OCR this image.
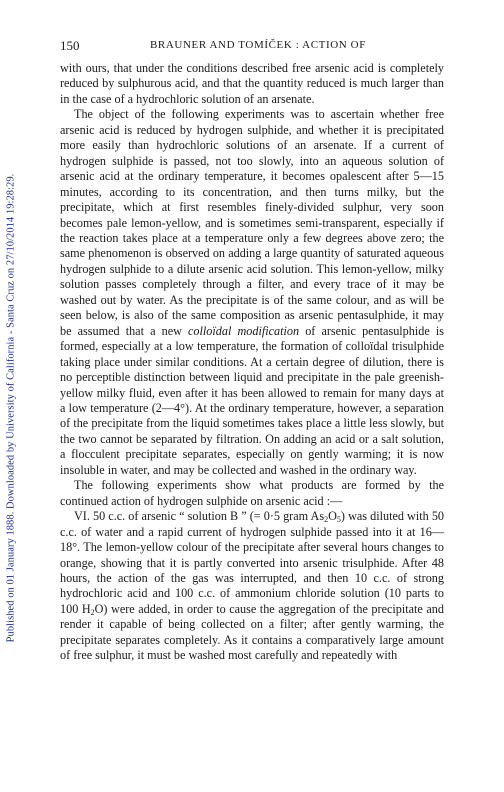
Published on 01 January 1888. Downloaded by University of California - Santa Cruz on 27/10/2014 19:28:29.
150	BRAUNER AND TOMÍČEK : ACTION OF

with ours, that under the conditions described free arsenic acid is completely reduced by sulphurous acid, and that the quantity reduced is much larger than in the case of a hydrochloric solution of an arsenate.

The object of the following experiments was to ascertain whether free arsenic acid is reduced by hydrogen sulphide, and whether it is precipitated more easily than hydrochloric solutions of an arsenate. If a current of hydrogen sulphide is passed, not too slowly, into an aqueous solution of arsenic acid at the ordinary temperature, it becomes opalescent after 5—15 minutes, according to its concentration, and then turns milky, but the precipitate, which at first resembles finely-divided sulphur, very soon becomes pale lemon-yellow, and is sometimes semi-transparent, especially if the reaction takes place at a temperature only a few degrees above zero; the same phenomenon is observed on adding a large quantity of saturated aqueous hydrogen sulphide to a dilute arsenic acid solution. This lemon-yellow, milky solution passes completely through a filter, and every trace of it may be washed out by water. As the precipitate is of the same colour, and as will be seen below, is also of the same composition as arsenic pentasulphide, it may be assumed that a new colloïdal modification of arsenic pentasulphide is formed, especially at a low temperature, the formation of colloïdal trisulphide taking place under similar conditions. At a certain degree of dilution, there is no perceptible distinction between liquid and precipitate in the pale greenish-yellow milky fluid, even after it has been allowed to remain for many days at a low temperature (2—4°). At the ordinary temperature, however, a separation of the precipitate from the liquid sometimes takes place a little less slowly, but the two cannot be separated by filtration. On adding an acid or a salt solution, a flocculent precipitate separates, especially on gently warming; it is now insoluble in water, and may be collected and washed in the ordinary way.

The following experiments show what products are formed by the continued action of hydrogen sulphide on arsenic acid :—

VI. 50 c.c. of arsenic “ solution B ” (= 0·5 gram $As_2O_5$) was diluted with 50 c.c. of water and a rapid current of hydrogen sulphide passed into it at 16—18°. The lemon-yellow colour of the precipitate after several hours changes to orange, showing that it is partly converted into arsenic trisulphide. After 48 hours, the action of the gas was interrupted, and then 10 c.c. of strong hydrochloric acid and 100 c.c. of ammonium chloride solution (10 parts to 100 $H_2O$) were added, in order to cause the aggregation of the precipitate and render it capable of being collected on a filter; after gently warming, the precipitate separates completely. As it contains a comparatively large amount of free sulphur, it must be washed most carefully and repeatedly with
